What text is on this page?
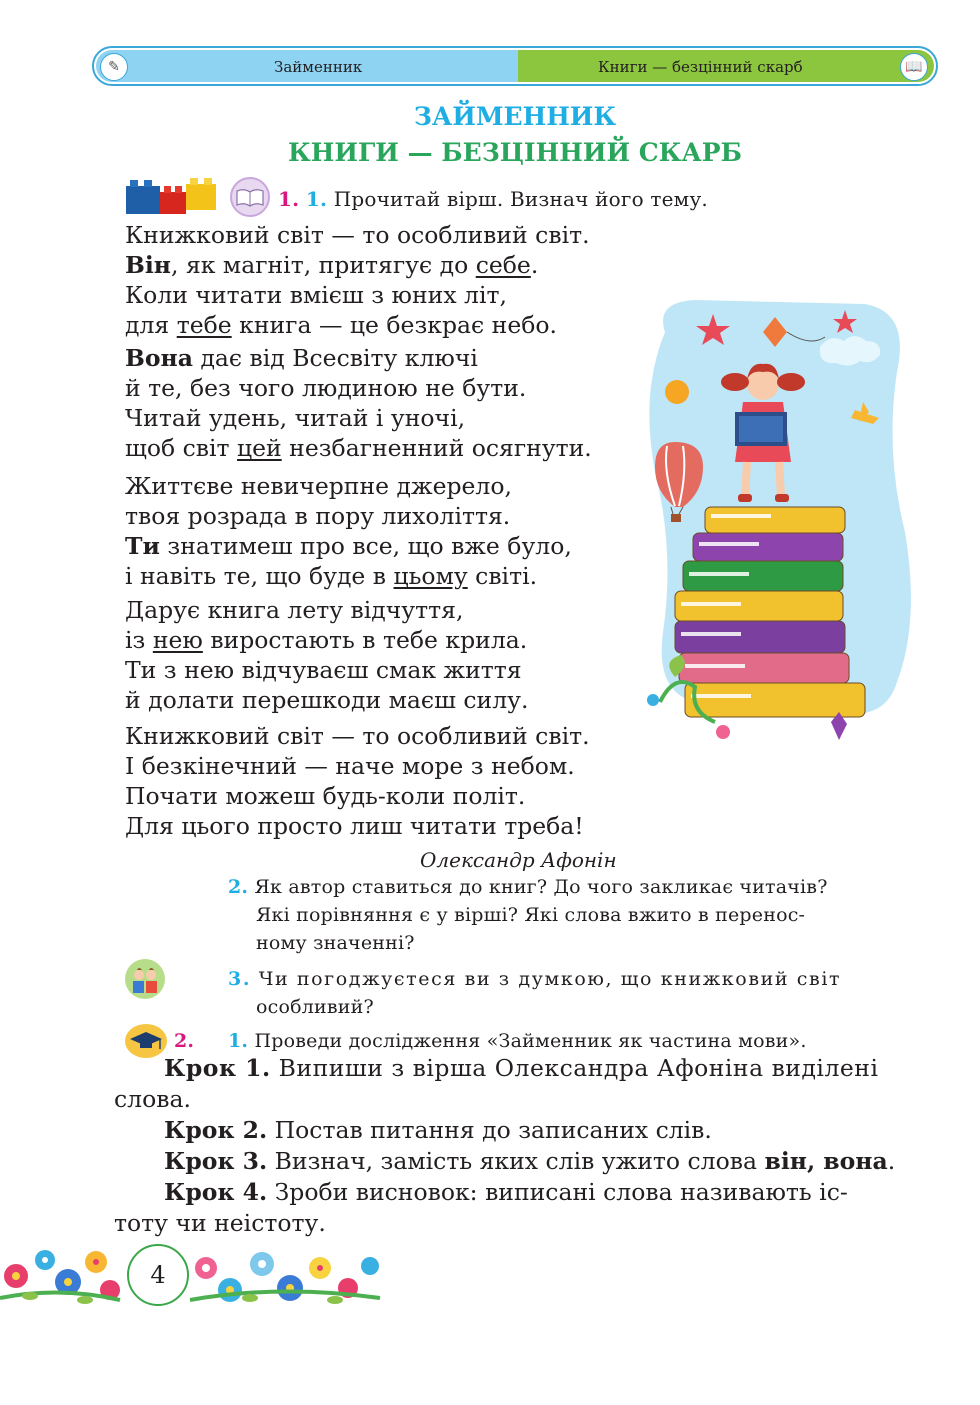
✎	Займенник	Книги — безцінний скарб	📖
ЗАЙМЕННИК
КНИГИ — БЕЗЦІННИЙ СКАРБ
1. 1. Прочитай вірш. Визнач його тему.
Книжковий світ — то особливий світ.
Він, як магніт, притягує до себе.
Коли читати вмієш з юних літ,
для тебе книга — це безкрає небо.
Вона дає від Всесвіту ключі
й те, без чого людиною не бути.
Читай удень, читай і уночі,
щоб світ цей незбагненний осягнути.
Життєве невичерпне джерело,
твоя розрада в пору лихоліття.
Ти знатимеш про все, що вже було,
і навіть те, що буде в цьому світі.
Дарує книга лету відчуття,
із нею виростають в тебе крила.
Ти з нею відчуваєш смак життя
й долати перешкоди маєш силу.
Книжковий світ — то особливий світ.
І безкінечний — наче море з небом.
Почати можеш будь-коли політ.
Для цього просто лиш читати треба!
Олександр Афонін
2. Як автор ставиться до книг? До чого закликає читачів?
Які порівняння є у вірші? Які слова вжито в перенос-
ному значенні?
3. Чи погоджуєтеся ви з думкою, що книжковий світ
особливий?
2. 1. Проведи дослідження «Займенник як частина мови».
Крок 1. Випиши з вірша Олександра Афоніна виділені
слова.
Крок 2. Постав питання до записаних слів.
Крок 3. Визнач, замість яких слів ужито слова він, вона.
Крок 4. Зроби висновок: виписані слова називають іс-
тоту чи неістоту.
4
